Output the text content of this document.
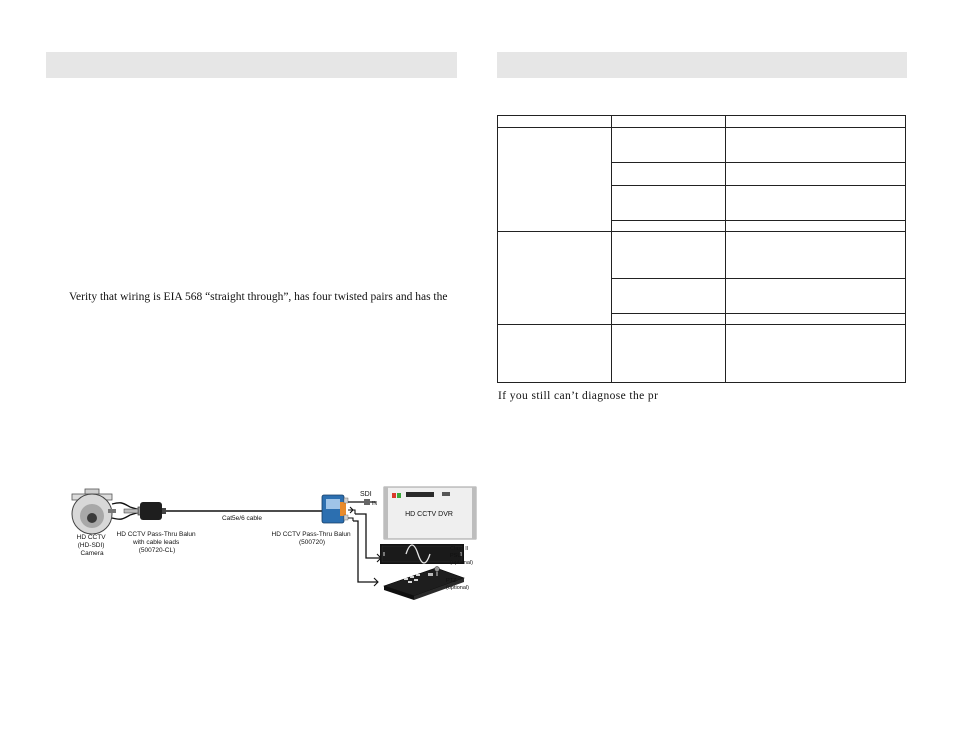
Verity that wiring is EIA 568 “straight through”, has four twisted pairs and has the

If you still can’t diagnose the pr
SDI
IN
HD CCTV (HD-SDI) Camera
HD CCTV Pass-Thru Balun with cable leads (500720-CL)
Cat5e/6 cable
HD CCTV Pass-Thru Balun (500720)
HD CCTV DVR
Class II PSU (optional)
PTZ (optional)
